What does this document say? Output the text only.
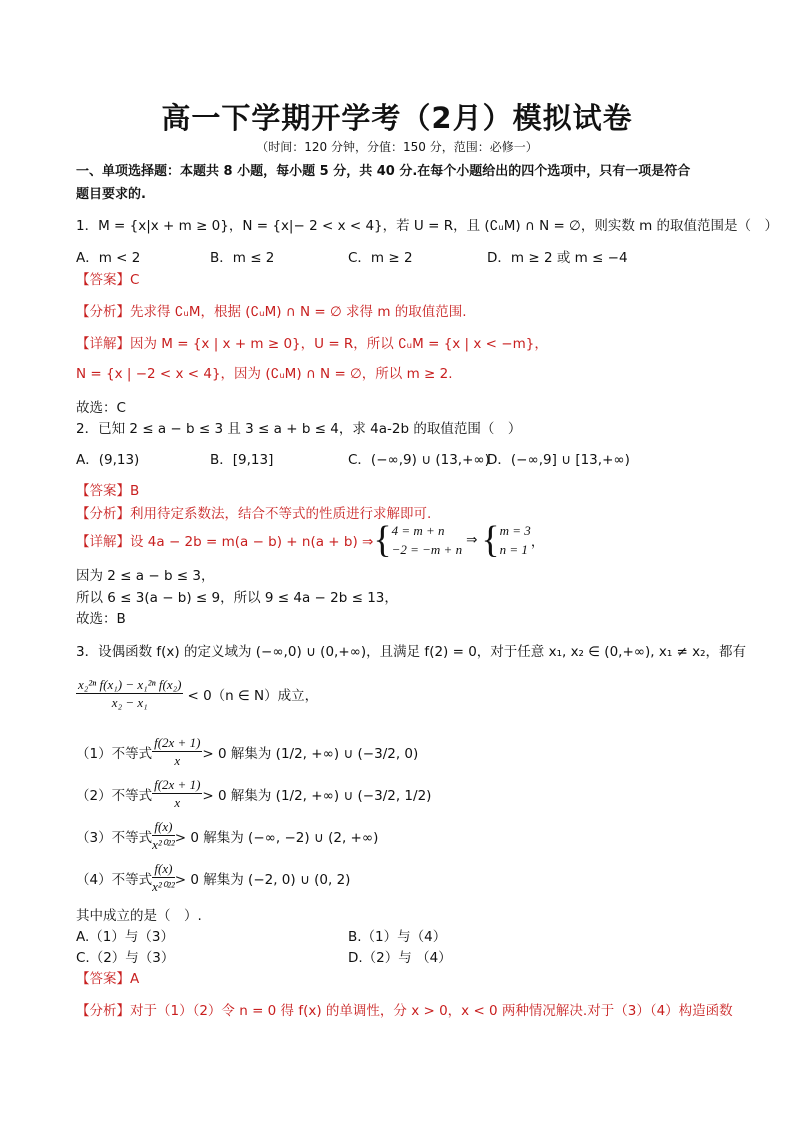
高一下学期开学考（2月）模拟试卷
（时间：120 分钟，分值：150 分，范围：必修一）
一、单项选择题：本题共 8 小题，每小题 5 分，共 40 分.在每个小题给出的四个选项中，只有一项是符合
题目要求的.
1．M = {x|x + m ≥ 0}，N = {x|− 2 < x < 4}，若 U = R，且 (∁ᵤM) ∩ N = ∅，则实数 m 的取值范围是（　）
A．m < 2	B．m ≤ 2	C．m ≥ 2	D．m ≥ 2 或 m ≤ −4
【答案】C
【分析】先求得 ∁ᵤM，根据 (∁ᵤM) ∩ N = ∅ 求得 m 的取值范围.
【详解】因为 M = {x | x + m ≥ 0}，U = R，所以 ∁ᵤM = {x | x < −m}，
N = {x | −2 < x < 4}，因为 (∁ᵤM) ∩ N = ∅，所以 m ≥ 2.
故选：C
2．已知 2 ≤ a − b ≤ 3 且 3 ≤ a + b ≤ 4，求 4a-2b 的取值范围（　）
A．(9,13)	B．[9,13]	C．(−∞,9) ∪ (13,+∞)
D．(−∞,9] ∪ [13,+∞)
【答案】B
【分析】利用待定系数法，结合不等式的性质进行求解即可.
【详解】 设 4a − 2b = m(a − b) + n(a + b) ⇒ { 4 = m + n
−2 = −m + n
⇒ { m = 3
n = 1 ，
因为 2 ≤ a − b ≤ 3，
所以 6 ≤ 3(a − b) ≤ 9，所以 9 ≤ 4a − 2b ≤ 13，
故选：B
3．设偶函数 f(x) 的定义域为 (−∞,0) ∪ (0,+∞)，且满足 f(2) = 0，对于任意 x₁, x₂ ∈ (0,+∞), x₁ ≠ x₂，都有
$\frac{\text{x₂²ⁿ f(x₁) − x₁²ⁿ f(x₂)}}{\text{x₂ − x₁}} < 0(n$ ∈ N）成立，
（1）不等式 $\frac{f(2x + 1)}{x} > 0$ 解集为 (1/2, +∞) ∪ (−3/2, 0)
（2）不等式 $\frac{f(2x + 1)}{x} > 0$ 解集为 (1/2, +∞) ∪ (−3/2, 1/2)
（3）不等式 $\frac{f(x)}{\text{x²⁰²²}} > 0$ 解集为 (−∞, −2) ∪ (2, +∞)
（4）不等式 $\frac{f(x)}{\text{x²⁰²²}} > 0$ 解集为 (−2, 0) ∪ (0, 2)
其中成立的是（　）.
A.（1）与（3）	B.（1）与（4）
C.（2）与（3）	D.（2）与 （4）
【答案】A
【分析】对于（1）（2）令 n = 0 得 f(x) 的单调性，分 x > 0，x < 0 两种情况解决.对于（3）（4）构造函数
